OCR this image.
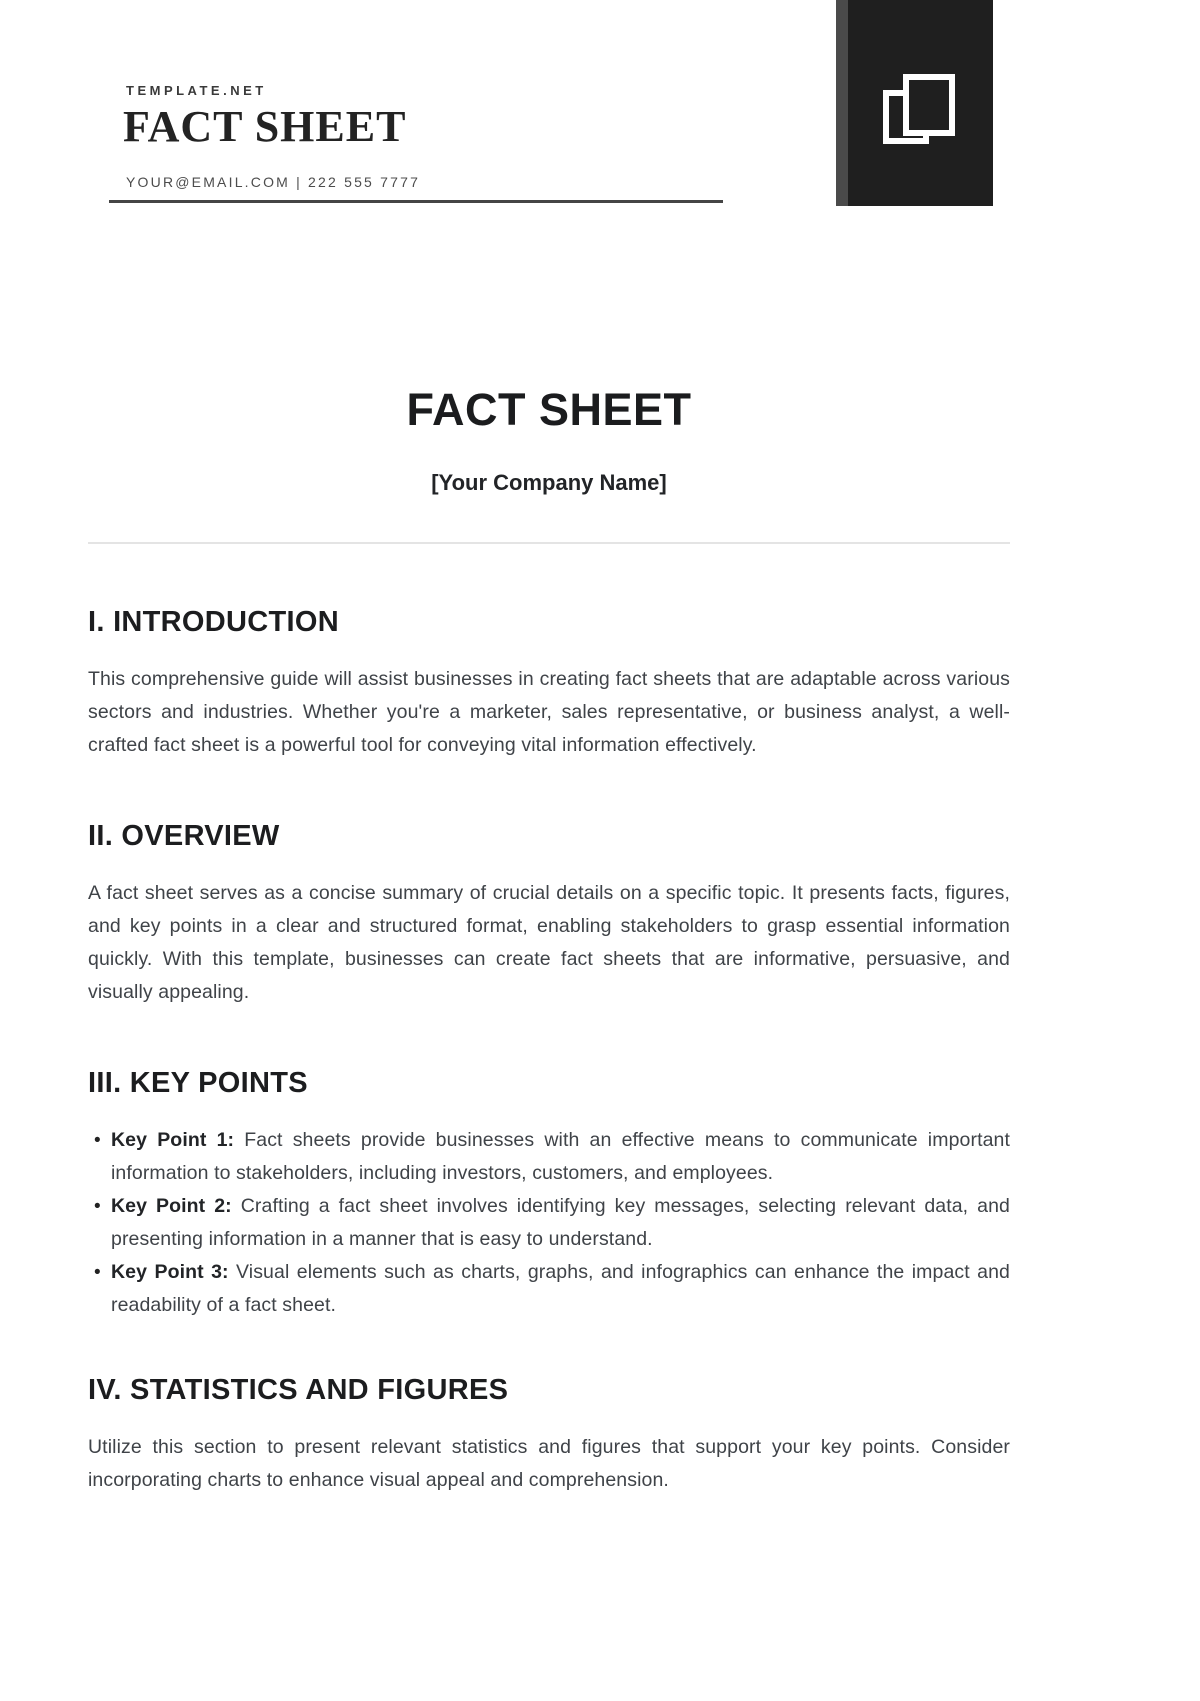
TEMPLATE.NET
FACT SHEET
YOUR@EMAIL.COM | 222 555 7777
FACT SHEET
[Your Company Name]
I. INTRODUCTION

This comprehensive guide will assist businesses in creating fact sheets that are adaptable across various sectors and industries. Whether you're a marketer, sales representative, or business analyst, a well-crafted fact sheet is a powerful tool for conveying vital information effectively.

II. OVERVIEW

A fact sheet serves as a concise summary of crucial details on a specific topic. It presents facts, figures, and key points in a clear and structured format, enabling stakeholders to grasp essential information quickly. With this template, businesses can create fact sheets that are informative, persuasive, and visually appealing.

III. KEY POINTS
• Key Point 1: Fact sheets provide businesses with an effective means to communicate important information to stakeholders, including investors, customers, and employees.
• Key Point 2: Crafting a fact sheet involves identifying key messages, selecting relevant data, and presenting information in a manner that is easy to understand.
• Key Point 3: Visual elements such as charts, graphs, and infographics can enhance the impact and readability of a fact sheet.
IV. STATISTICS AND FIGURES

Utilize this section to present relevant statistics and figures that support your key points. Consider incorporating charts to enhance visual appeal and comprehension.
